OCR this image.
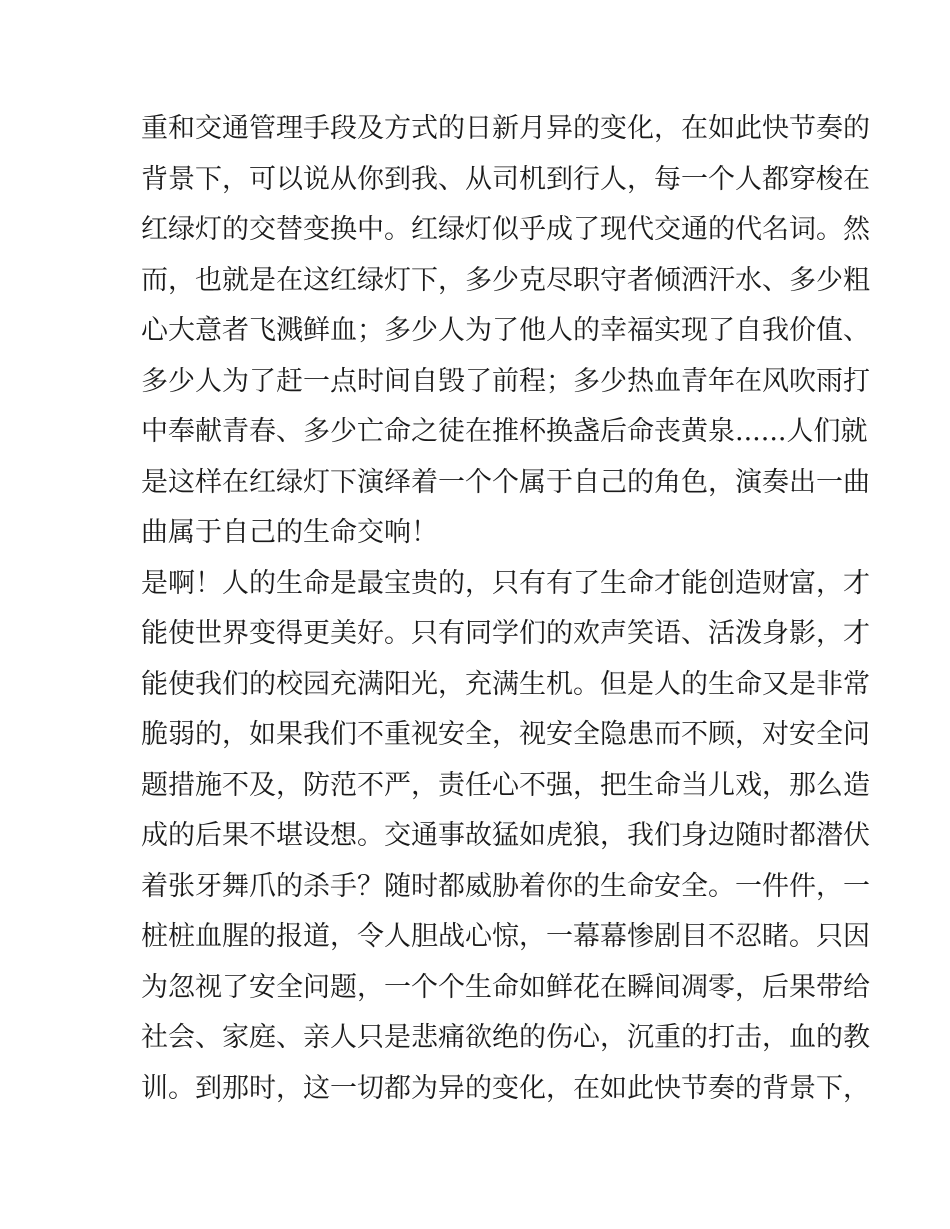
重和交通管理手段及方式的日新月异的变化，在如此快节奏的
背景下，可以说从你到我、从司机到行人，每一个人都穿梭在
红绿灯的交替变换中。红绿灯似乎成了现代交通的代名词。然
而，也就是在这红绿灯下，多少克尽职守者倾洒汗水、多少粗
心大意者飞溅鲜血；多少人为了他人的幸福实现了自我价值、
多少人为了赶一点时间自毁了前程；多少热血青年在风吹雨打
中奉献青春、多少亡命之徒在推杯换盏后命丧黄泉......人们就
是这样在红绿灯下演绎着一个个属于自己的角色，演奏出一曲
曲属于自己的生命交响！
是啊！人的生命是最宝贵的，只有有了生命才能创造财富，才
能使世界变得更美好。只有同学们的欢声笑语、活泼身影，才
能使我们的校园充满阳光，充满生机。但是人的生命又是非常
脆弱的，如果我们不重视安全，视安全隐患而不顾，对安全问
题措施不及，防范不严，责任心不强，把生命当儿戏，那么造
成的后果不堪设想。交通事故猛如虎狼，我们身边随时都潜伏
着张牙舞爪的杀手？随时都威胁着你的生命安全。一件件，一
桩桩血腥的报道，令人胆战心惊，一幕幕惨剧目不忍睹。只因
为忽视了安全问题，一个个生命如鲜花在瞬间凋零，后果带给
社会、家庭、亲人只是悲痛欲绝的伤心，沉重的打击，血的教
训。到那时，这一切都为异的变化，在如此快节奏的背景下，
